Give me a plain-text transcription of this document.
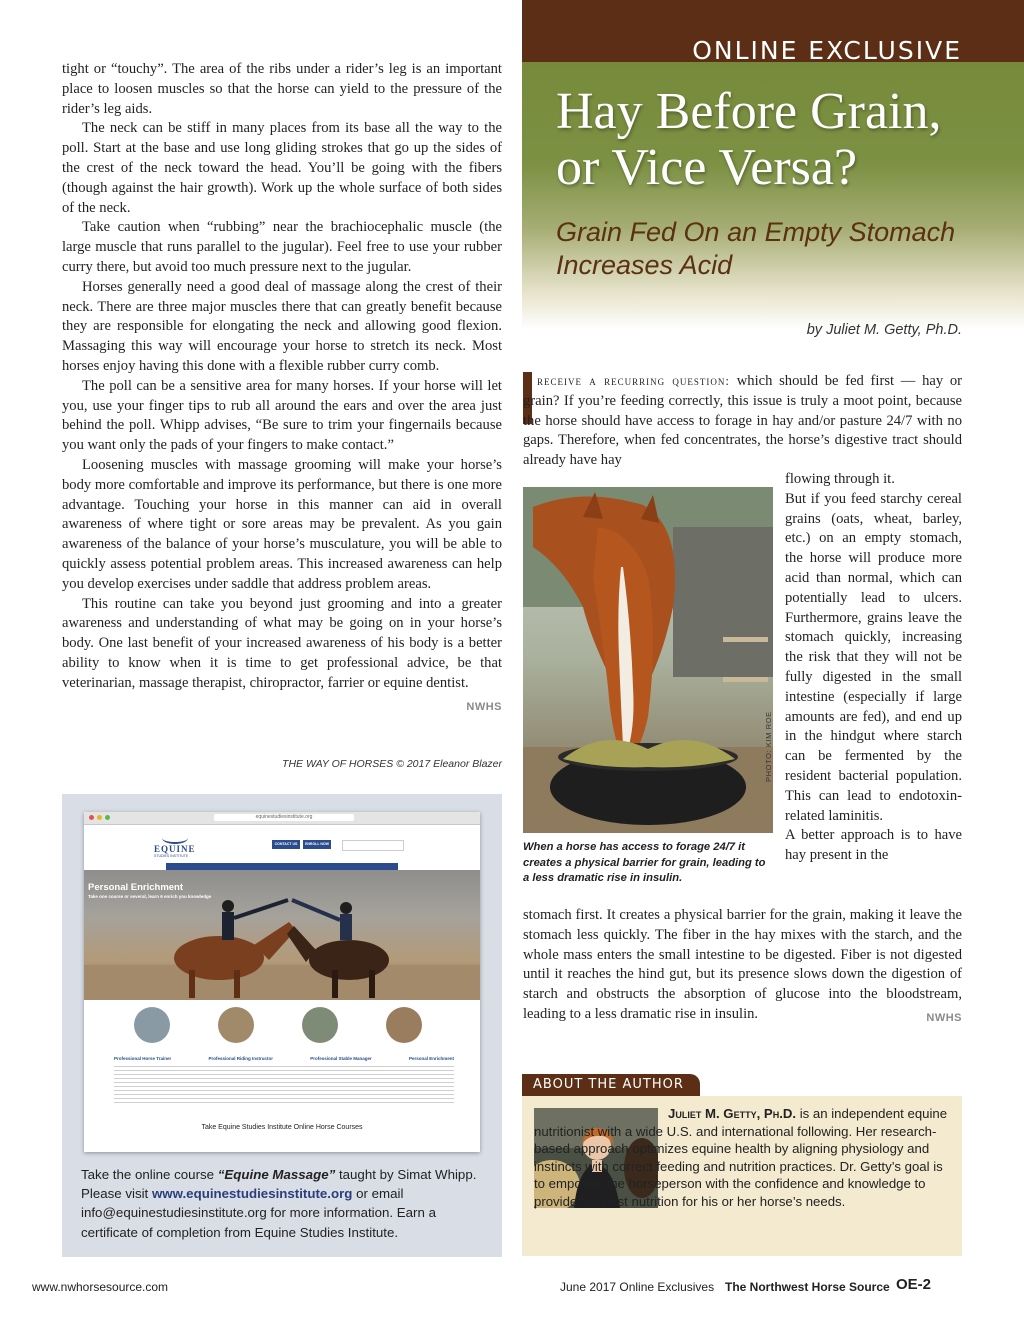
tight or “touchy”. The area of the ribs under a rider’s leg is an important place to loosen muscles so that the horse can yield to the pressure of the rider’s leg aids.

The neck can be stiff in many places from its base all the way to the poll. Start at the base and use long gliding strokes that go up the sides of the crest of the neck toward the head. You’ll be going with the fibers (though against the hair growth). Work up the whole surface of both sides of the neck.

Take caution when “rubbing” near the brachiocephalic muscle (the large muscle that runs parallel to the jugular). Feel free to use your rubber curry there, but avoid too much pressure next to the jugular.

Horses generally need a good deal of massage along the crest of their neck. There are three major muscles there that can greatly benefit because they are responsible for elongating the neck and allowing good flexion. Massaging this way will encourage your horse to stretch its neck. Most horses enjoy having this done with a flexible rubber curry comb.

The poll can be a sensitive area for many horses. If your horse will let you, use your finger tips to rub all around the ears and over the area just behind the poll. Whipp advises, “Be sure to trim your fingernails because you want only the pads of your fingers to make contact.”

Loosening muscles with massage grooming will make your horse’s body more comfortable and improve its performance, but there is one more advantage. Touching your horse in this manner can aid in overall awareness of where tight or sore areas may be prevalent. As you gain awareness of the balance of your horse’s musculature, you will be able to quickly assess potential problem areas. This increased awareness can help you develop exercises under saddle that address problem areas.

This routine can take you beyond just grooming and into a greater awareness and understanding of what may be going on in your horse’s body. One last benefit of your increased awareness of his body is a better ability to know when it is time to get professional advice, be that veterinarian, massage therapist, chiropractor, farrier or equine dentist.
NWHS

THE WAY OF HORSES © 2017 Eleanor Blazer
equinestudiesinstitute.org
EQUINE
STUDIES INSTITUTE
CONTACT US	ENROLL NOW
Personal Enrichment
Take one course or several, learn 6 enrich you knowledge
Professional Horse Trainer	Professional Riding Instructor	Professional Stable Manager	Personal Enrichment
Take Equine Studies Institute Online Horse Courses
Take the online course “Equine Massage” taught by Simat Whipp.
Please visit www.equinestudiesinstitute.org or email
info@equinestudiesinstitute.org for more information. Earn a
certificate of completion from Equine Studies Institute.
ONLINE EXCLUSIVE
Hay Before Grain,
or Vice Versa?
Grain Fed On an Empty Stomach
Increases Acid
by Juliet M. Getty, Ph.D.
receive a recurring question: which should be fed first — hay or grain? If you’re feeding correctly, this issue is truly a moot point, because the horse should have access to forage in hay and/or pasture 24/7 with no gaps. Therefore, when fed concentrates, the horse’s digestive tract should already have hay
PHOTO: KIM ROE
When a horse has access to forage 24/7 it creates a physical barrier for grain, leading to a less dramatic rise in insulin.
flowing through it.
But if you feed starchy cereal grains (oats, wheat, barley, etc.) on an empty stomach, the horse will produce more acid than normal, which can potentially lead to ulcers. Furthermore, grains leave the stomach quickly, increasing the risk that they will not be fully digested in the small intestine (especially if large amounts are fed), and end up in the hindgut where starch can be fermented by the resident bacterial population. This can lead to endotoxin-related laminitis.
A better approach is to have hay present in the
stomach first. It creates a physical barrier for the grain, making it leave the stomach less quickly. The fiber in the hay mixes with the starch, and the whole mass enters the small intestine to be digested. Fiber is not digested until it reaches the hind gut, but its presence slows down the digestion of starch and obstructs the absorption of glucose into the bloodstream, leading to a less dramatic rise in insulin.	NWHS
ABOUT THE AUTHOR
Juliet M. Getty, Ph.D. is an independent equine nutritionist with a wide U.S. and international following. Her research-based approach optimizes equine health by aligning physiology and instincts with correct feeding and nutrition practices. Dr. Getty’s goal is to empower the horseperson with the confidence and knowledge to provide the best nutrition for his or her horse’s needs.
www.nwhorsesource.com	June 2017 Online Exclusives The Northwest Horse Source OE-2
